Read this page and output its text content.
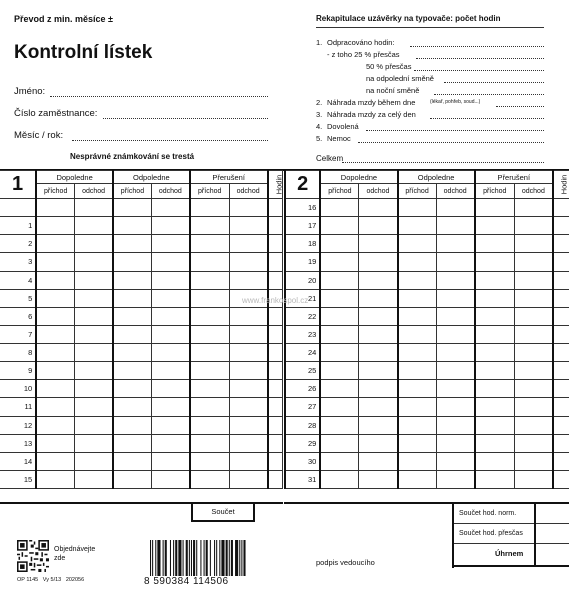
Převod z min. měsíce ±
Kontrolní lístek
Jméno:
Číslo zaměstnance:
Měsíc / rok:
Nesprávné známkování se trestá
Rekapitulace uzávěrky na typovače: počet hodin
1. Odpracováno hodin:
- z toho 25 % přesčas
50 % přesčas
na odpolední směně
na noční směně
2. Náhrada mzdy během dne	(lékař, pohřeb, soud...)
3. Náhrada mzdy za celý den
4. Dovolená
5. Nemoc
Celkem
1	Dopoledne		Odpoledne		Přerušení		Hodin
	příchod	odchod	příchod	odchod	příchod	odchod	

1							
2							
3							
4							
5							
6							
7							
8							
9							
10							
11							
12							
13							
14							
15							
2	Dopoledne		Odpoledne		Přerušení		Hodin
	příchod	odchod	příchod	odchod	příchod	odchod	
16							
17							
18							
19							
20							
21							
22							
23							
24							
25							
26							
27							
28							
29							
30							
31							
www.frankospol.cz
Součet
Objednávejte zde
OP 1145   Vy 5/13   202056	8 590384 114506
podpis vedoucího
Součet hod. norm.
Součet hod. přesčas
Úhrnem
